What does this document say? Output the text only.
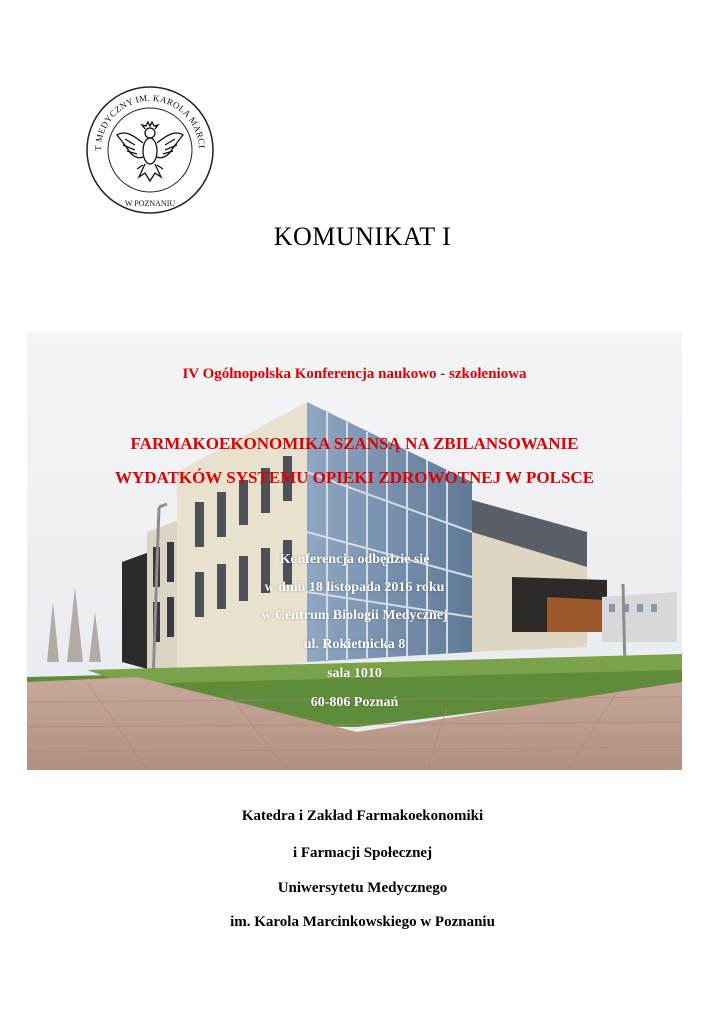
T MEDYCZNY IM. KAROLA MARCI
W POZNANIU
KOMUNIKAT I
IV Ogólnopolska Konferencja naukowo - szkoleniowa
FARMAKOEKONOMIKA SZANSĄ NA ZBILANSOWANIE
WYDATKÓW SYSTEMU OPIEKI ZDROWOTNEJ W POLSCE
Konferencja odbędzie się
w dniu 18 listopada 2016 roku
w Centrum Biologii Medycznej
ul. Rokietnicka 8
sala 1010
60-806 Poznań
Katedra i Zakład Farmakoekonomiki
i Farmacji Społecznej
Uniwersytetu Medycznego
im. Karola Marcinkowskiego w Poznaniu
